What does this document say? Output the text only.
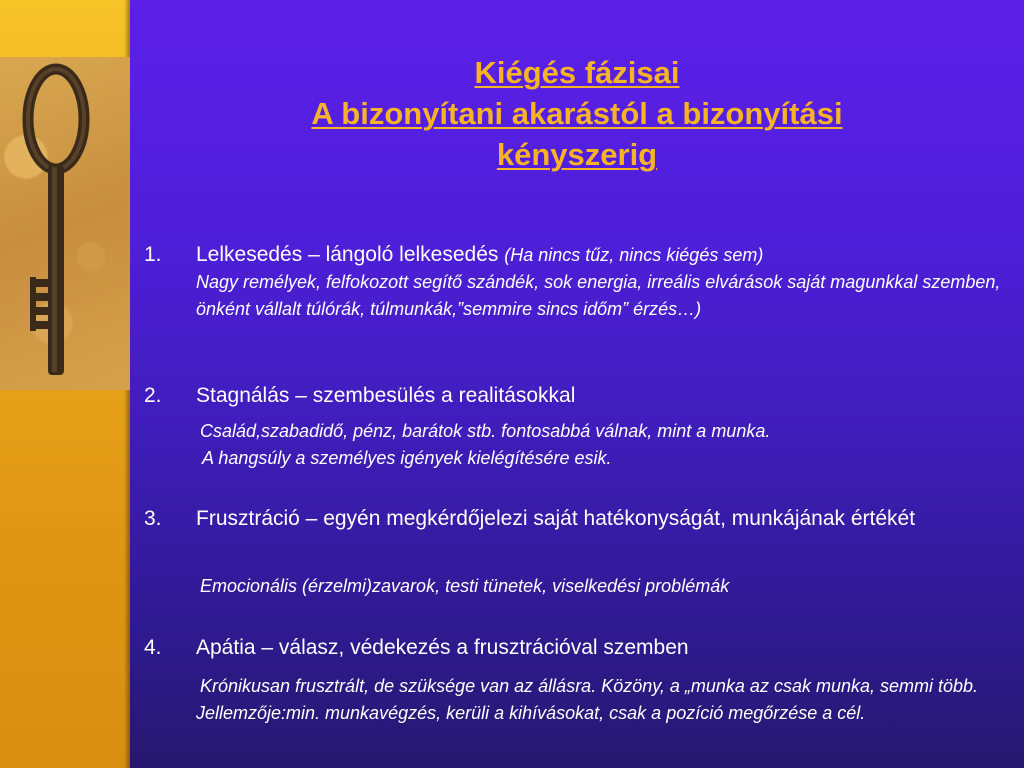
Kiégés fázisai
A bizonyítani akarástól a bizonyítási
kényszerig
1. Lelkesedés – lángoló lelkesedés (Ha nincs tűz, nincs kiégés sem)
Nagy remélyek, felfokozott segítő szándék, sok energia, irreális elvárások saját magunkkal szemben, önként vállalt túlórák, túlmunkák,”semmire sincs időm” érzés…)
2. Stagnálás – szembesülés a realitásokkal
Család,szabadidő, pénz, barátok stb. fontosabbá válnak, mint a munka.
A hangsúly a személyes igények kielégítésére esik.
3. Frusztráció – egyén megkérdőjelezi saját hatékonyságát, munkájának értékét
Emocionális (érzelmi)zavarok, testi tünetek, viselkedési problémák
4. Apátia – válasz, védekezés a frusztrációval szemben
Krónikusan frusztrált, de szüksége van az állásra. Közöny, a „munka az csak munka, semmi több. Jellemzője:min. munkavégzés, kerüli a kihívásokat, csak a pozíció megőrzése a cél.
